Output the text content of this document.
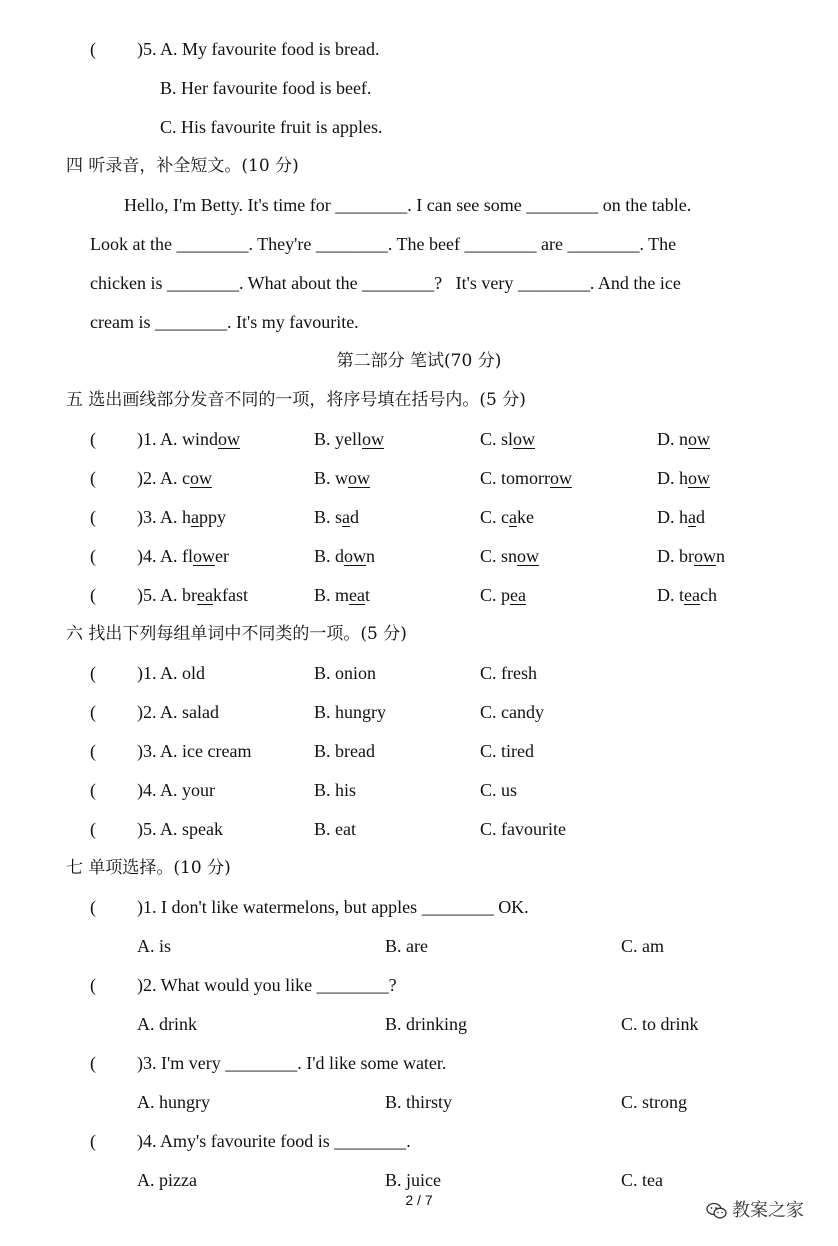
( )5. A. My favourite food is bread.
B. Her favourite food is beef.
C. His favourite fruit is apples.
四 听录音，补全短文。(10 分)
Hello, I'm Betty. It's time for ________. I can see some ________ on the table.
Look at the ________. They're ________. The beef ________ are ________. The
chicken is ________. What about the ________? It's very ________. And the ice
cream is ________. It's my favourite.
第二部分 笔试(70 分)
五 选出画线部分发音不同的一项，将序号填在括号内。(5 分)
( )1. A. window	B. yellow	C. slow	D. now
( )2. A. cow	B. wow	C. tomorrow	D. how
( )3. A. happy	B. sad	C. cake	D. had
( )4. A. flower	B. down	C. snow	D. brown
( )5. A. breakfast	B. meat	C. pea	D. teach
六 找出下列每组单词中不同类的一项。(5 分)
( )1. A. old	B. onion	C. fresh
( )2. A. salad	B. hungry	C. candy
( )3. A. ice cream	B. bread	C. tired
( )4. A. your	B. his	C. us
( )5. A. speak	B. eat	C. favourite
七 单项选择。(10 分)
( )1. I don't like watermelons, but apples ________ OK.
A. is	B. are	C. am
( )2. What would you like ________?
A. drink	B. drinking	C. to drink
( )3. I'm very ________. I'd like some water.
A. hungry	B. thirsty	C. strong
( )4. Amy's favourite food is ________.
A. pizza	B. juice	C. tea
2 / 7	教案之家
